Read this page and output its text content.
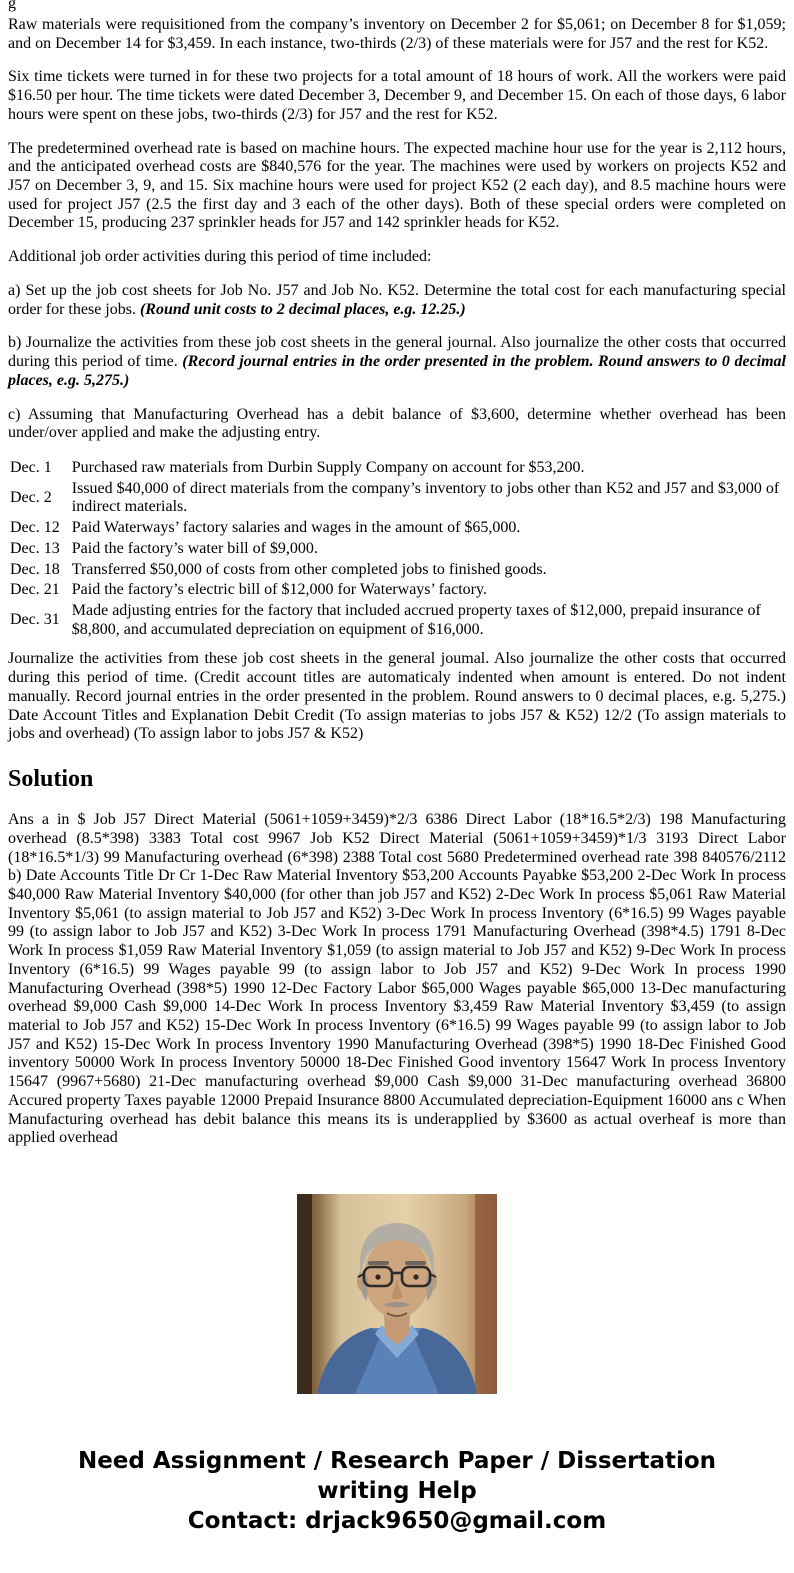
g

Raw materials were requisitioned from the company’s inventory on December 2 for $5,061; on December 8 for $1,059; and on December 14 for $3,459. In each instance, two-thirds (2/3) of these materials were for J57 and the rest for K52.

Six time tickets were turned in for these two projects for a total amount of 18 hours of work. All the workers were paid $16.50 per hour. The time tickets were dated December 3, December 9, and December 15. On each of those days, 6 labor hours were spent on these jobs, two-thirds (2/3) for J57 and the rest for K52.

The predetermined overhead rate is based on machine hours. The expected machine hour use for the year is 2,112 hours, and the anticipated overhead costs are $840,576 for the year. The machines were used by workers on projects K52 and J57 on December 3, 9, and 15. Six machine hours were used for project K52 (2 each day), and 8.5 machine hours were used for project J57 (2.5 the first day and 3 each of the other days). Both of these special orders were completed on December 15, producing 237 sprinkler heads for J57 and 142 sprinkler heads for K52.

Additional job order activities during this period of time included:

a) Set up the job cost sheets for Job No. J57 and Job No. K52. Determine the total cost for each manufacturing special order for these jobs. (Round unit costs to 2 decimal places, e.g. 12.25.)

b) Journalize the activities from these job cost sheets in the general journal. Also journalize the other costs that occurred during this period of time. (Record journal entries in the order presented in the problem. Round answers to 0 decimal places, e.g. 5,275.)

c) Assuming that Manufacturing Overhead has a debit balance of $3,600, determine whether overhead has been under/over applied and make the adjusting entry.

Dec. 1	Purchased raw materials from Durbin Supply Company on account for $53,200.
Dec. 2	Issued $40,000 of direct materials from the company’s inventory to jobs other than K52 and J57 and $3,000 of indirect materials.
Dec. 12	Paid Waterways’ factory salaries and wages in the amount of $65,000.
Dec. 13	Paid the factory’s water bill of $9,000.
Dec. 18	Transferred $50,000 of costs from other completed jobs to finished goods.
Dec. 21	Paid the factory’s electric bill of $12,000 for Waterways’ factory.
Dec. 31	Made adjusting entries for the factory that included accrued property taxes of $12,000, prepaid insurance of $8,800, and accumulated depreciation on equipment of $16,000.

Journalize the activities from these job cost sheets in the general joumal. Also journalize the other costs that occurred during this period of time. (Credit account titles are automaticaly indented when amount is entered. Do not indent manually. Record journal entries in the order presented in the problem. Round answers to 0 decimal places, e.g. 5,275.) Date Account Titles and Explanation Debit Credit (To assign materias to jobs J57 & K52) 12/2 (To assign materials to jobs and overhead) (To assign labor to jobs J57 & K52)

Solution

Ans a in $ Job J57 Direct Material (5061+1059+3459)*2/3 6386 Direct Labor (18*16.5*2/3) 198 Manufacturing overhead (8.5*398) 3383 Total cost 9967 Job K52 Direct Material (5061+1059+3459)*1/3 3193 Direct Labor (18*16.5*1/3) 99 Manufacturing overhead (6*398) 2388 Total cost 5680 Predetermined overhead rate 398 840576/2112 b) Date Accounts Title Dr Cr 1-Dec Raw Material Inventory $53,200 Accounts Payabke $53,200 2-Dec Work In process $40,000 Raw Material Inventory $40,000 (for other than job J57 and K52) 2-Dec Work In process $5,061 Raw Material Inventory $5,061 (to assign material to Job J57 and K52) 3-Dec Work In process Inventory (6*16.5) 99 Wages payable 99 (to assign labor to Job J57 and K52) 3-Dec Work In process 1791 Manufacturing Overhead (398*4.5) 1791 8-Dec Work In process $1,059 Raw Material Inventory $1,059 (to assign material to Job J57 and K52) 9-Dec Work In process Inventory (6*16.5) 99 Wages payable 99 (to assign labor to Job J57 and K52) 9-Dec Work In process 1990 Manufacturing Overhead (398*5) 1990 12-Dec Factory Labor $65,000 Wages payable $65,000 13-Dec manufacturing overhead $9,000 Cash $9,000 14-Dec Work In process Inventory $3,459 Raw Material Inventory $3,459 (to assign material to Job J57 and K52) 15-Dec Work In process Inventory (6*16.5) 99 Wages payable 99 (to assign labor to Job J57 and K52) 15-Dec Work In process Inventory 1990 Manufacturing Overhead (398*5) 1990 18-Dec Finished Good inventory 50000 Work In process Inventory 50000 18-Dec Finished Good inventory 15647 Work In process Inventory 15647 (9967+5680) 21-Dec manufacturing overhead $9,000 Cash $9,000 31-Dec manufacturing overhead 36800 Accured property Taxes payable 12000 Prepaid Insurance 8800 Accumulated depreciation-Equipment 16000 ans c When Manufacturing overhead has debit balance this means its is underapplied by $3600 as actual overheaf is more than applied overhead

Need Assignment / Research Paper / Dissertation writing Help
Contact: drjack9650@gmail.com
